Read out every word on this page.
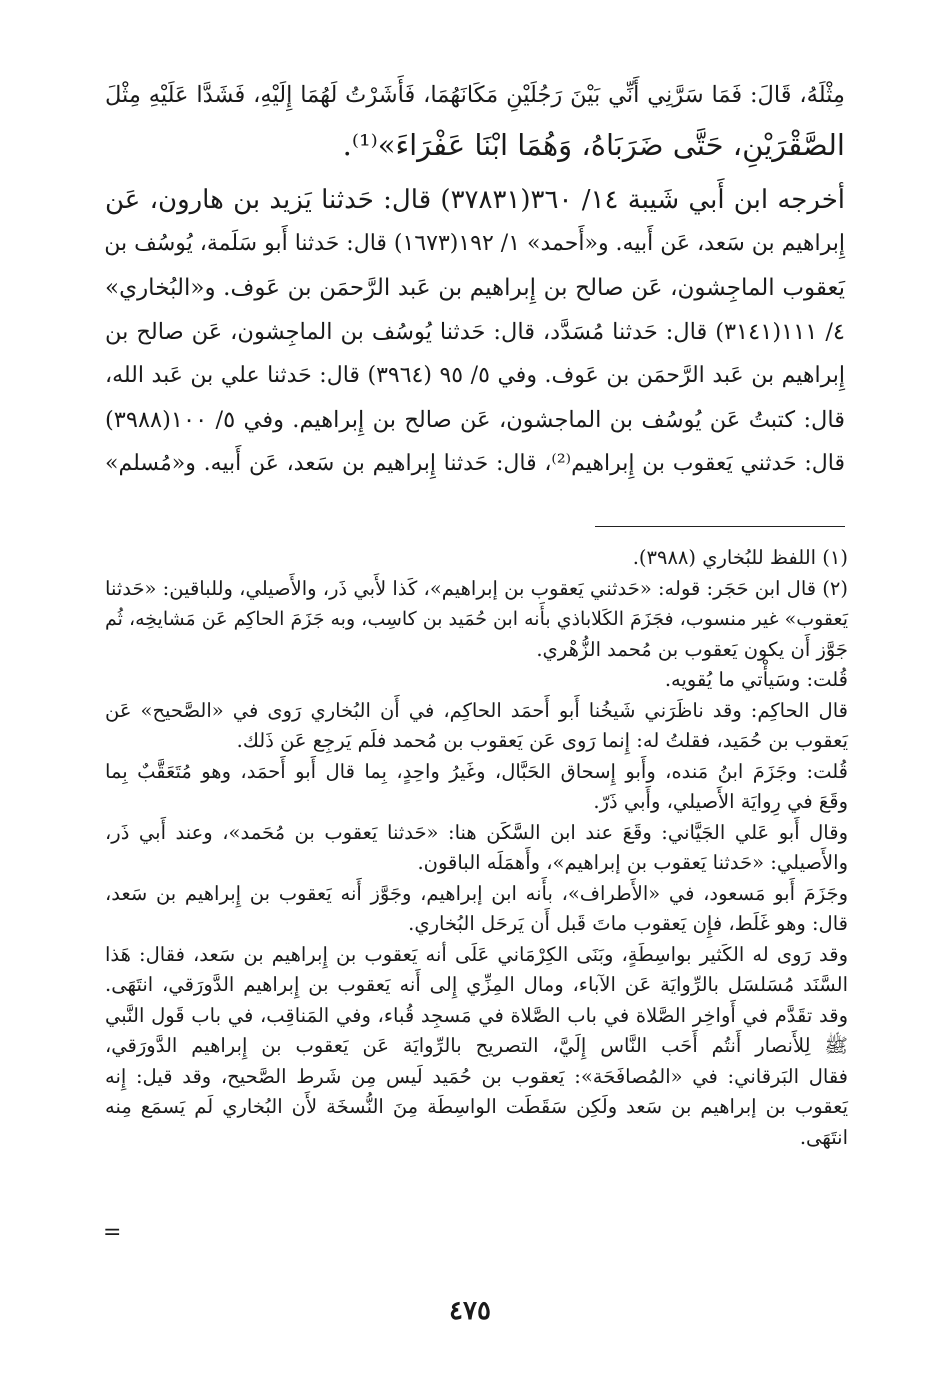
مِثْلَهُ، قَالَ: فَمَا سَرَّنِي أَنِّي بَيْنَ رَجُلَيْنِ مَكَانَهُمَا، فَأَشَرْتُ لَهُمَا إِلَيْهِ، فَشَدَّا عَلَيْهِ مِثْلَ
الصَّقْرَيْنِ، حَتَّى ضَرَبَاهُ، وَهُمَا ابْنَا عَفْرَاءَ»⁽¹⁾.
أخرجه ابن أَبي شَيبة ١٤/ ٣٦٠(٣٧٨٣١) قال: حَدثنا يَزيد بن هارون، عَن
إِبراهيم بن سَعد، عَن أَبيه. و«أَحمد» ١/ ١٩٢(١٦٧٣) قال: حَدثنا أَبو سَلَمة، يُوسُف بن
يَعقوب الماجِشون، عَن صالح بن إِبراهيم بن عَبد الرَّحمَن بن عَوف. و«البُخاري»
٤/ ١١١(٣١٤١) قال: حَدثنا مُسَدَّد، قال: حَدثنا يُوسُف بن الماجِشون، عَن صالح بن
إِبراهيم بن عَبد الرَّحمَن بن عَوف. وفي ٥/ ٩٥ (٣٩٦٤) قال: حَدثنا علي بن عَبد الله،
قال: كتبتُ عَن يُوسُف بن الماجشون، عَن صالح بن إِبراهيم. وفي ٥/ ١٠٠(٣٩٨٨)
قال: حَدثني يَعقوب بن إِبراهيم⁽²⁾، قال: حَدثنا إِبراهيم بن سَعد، عَن أَبيه. و«مُسلم»
(١) اللفظ للبُخاري (٣٩٨٨).
(٢) قال ابن حَجَر: قوله: «حَدثني يَعقوب بن إبراهيم»، كَذا لأَبي ذَر، والأَصيلي، وللباقين: «حَدثنا
يَعقوب» غير منسوب، فجَزَمَ الكَلاباذي بأَنه ابن حُمَيد بن كاسِب، وبه جَزَمَ الحاكِم عَن مَشايخِه، ثُم
جَوَّز أَن يكون يَعقوب بن مُحمد الزُّهْري.
قُلت: وسَيأْتي ما يُقويه.
قال الحاكِم: وقد ناظَرَني شَيخُنا أَبو أَحمَد الحاكِم، في أَن البُخاري رَوى في «الصَّحيح» عَن
يَعقوب بن حُمَيد، فقلتُ له: إِنما رَوى عَن يَعقوب بن مُحمد فلَم يَرجِع عَن ذَلك.
قُلت: وجَزَمَ ابنُ مَنده، وأَبو إِسحاق الحَبَّال، وغَيرُ واحِدٍ، بِما قال أَبو أَحمَد، وهو مُتَعَقَّبٌ بِما
وقَعَ في رِوايَة الأَصيلي، وأَبي ذَرّ.
وقال أَبو عَلي الجَيَّاني: وقَعَ عند ابن السَّكَن هنا: «حَدثنا يَعقوب بن مُحَمد»، وعند أَبي ذَر،
والأَصيلي: «حَدثنا يَعقوب بن إبراهيم»، وأَهمَلَه الباقون.
وجَزَمَ أَبو مَسعود، في «الأَطراف»، بأَنه ابن إبراهيم، وجَوَّز أَنه يَعقوب بن إِبراهيم بن سَعد،
قال: وهو غَلَط، فإِن يَعقوب ماتَ قَبل أَن يَرحَل البُخاري.
وقد رَوى له الكَثير بواسِطَةٍ، وبَنَى الكِرْمَاني عَلَى أنه يَعقوب بن إِبراهيم بن سَعد، فقال: هَذا
السَّنَد مُسَلسَل بالرِّوايَة عَن الآباء، ومال المِزِّي إِلى أَنه يَعقوب بن إِبراهيم الدَّورَقي، انتَهَى.
وقد تقَدَّم في أَواخِر الصَّلاة في باب الصَّلاة في مَسجِد قُباء، وفي المَناقِب، في باب قَول النَّبي
ﷺ لِلأَنصار أَنتُم أَحَب النَّاس إِلَيَّ، التصريح بالرِّوايَة عَن يَعقوب بن إِبراهيم الدَّورَقي،
فقال البَرقاني: في «المُصافَحَة»: يَعقوب بن حُمَيد لَيس مِن شَرط الصَّحيح، وقد قيل: إِنه
يَعقوب بن إبراهيم بن سَعد ولَكِن سَقَطَت الواسِطَة مِنَ النُّسخَة لأَن البُخاري لَم يَسمَع مِنه
انتَهَى.
=
٤٧٥
